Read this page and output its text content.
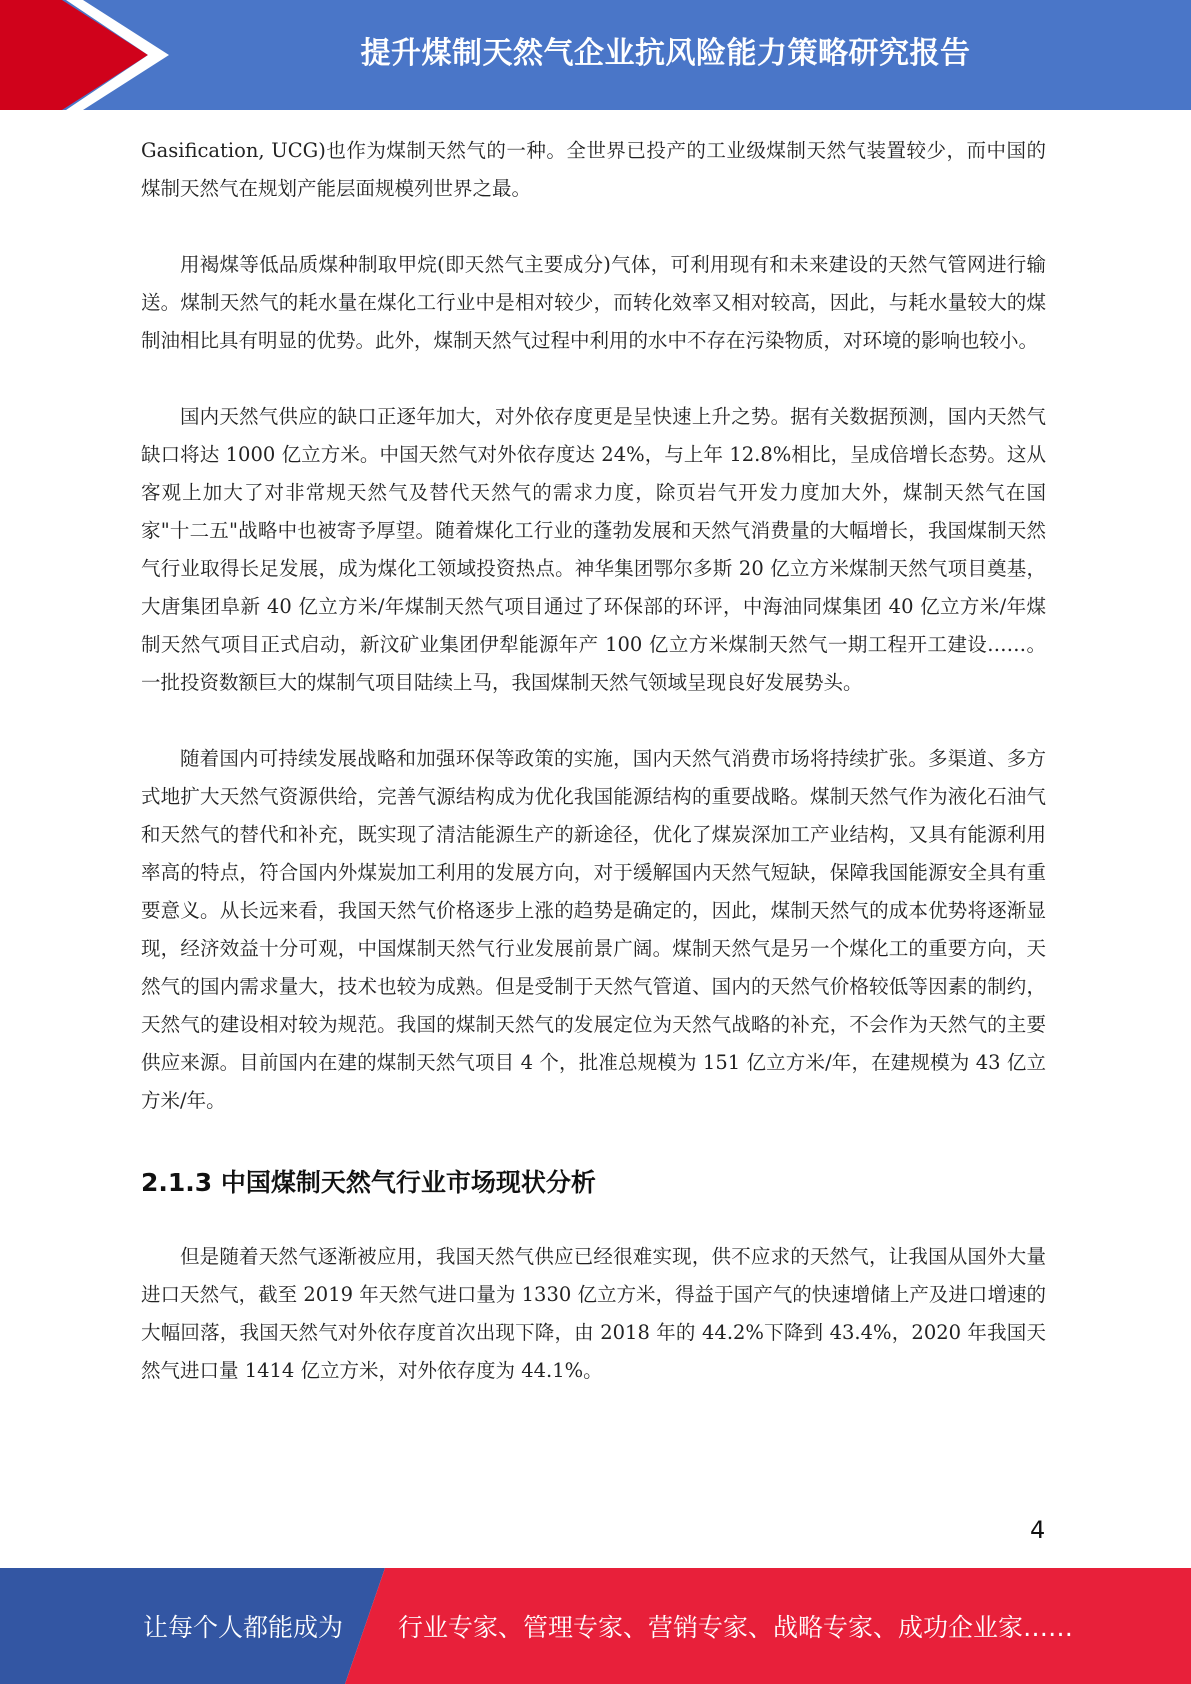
提升煤制天然气企业抗风险能力策略研究报告

Gasification, UCG)也作为煤制天然气的一种。全世界已投产的工业级煤制天然气装置较少，而中国的煤制天然气在规划产能层面规模列世界之最。

用褐煤等低品质煤种制取甲烷(即天然气主要成分)气体，可利用现有和未来建设的天然气管网进行输送。煤制天然气的耗水量在煤化工行业中是相对较少，而转化效率又相对较高，因此，与耗水量较大的煤制油相比具有明显的优势。此外，煤制天然气过程中利用的水中不存在污染物质，对环境的影响也较小。

国内天然气供应的缺口正逐年加大，对外依存度更是呈快速上升之势。据有关数据预测，国内天然气缺口将达 1000 亿立方米。中国天然气对外依存度达 24%，与上年 12.8%相比，呈成倍增长态势。这从客观上加大了对非常规天然气及替代天然气的需求力度，除页岩气开发力度加大外，煤制天然气在国家"十二五"战略中也被寄予厚望。随着煤化工行业的蓬勃发展和天然气消费量的大幅增长，我国煤制天然气行业取得长足发展，成为煤化工领域投资热点。神华集团鄂尔多斯 20 亿立方米煤制天然气项目奠基，大唐集团阜新 40 亿立方米/年煤制天然气项目通过了环保部的环评，中海油同煤集团 40 亿立方米/年煤制天然气项目正式启动，新汶矿业集团伊犁能源年产 100 亿立方米煤制天然气一期工程开工建设……。一批投资数额巨大的煤制气项目陆续上马，我国煤制天然气领域呈现良好发展势头。

随着国内可持续发展战略和加强环保等政策的实施，国内天然气消费市场将持续扩张。多渠道、多方式地扩大天然气资源供给，完善气源结构成为优化我国能源结构的重要战略。煤制天然气作为液化石油气和天然气的替代和补充，既实现了清洁能源生产的新途径，优化了煤炭深加工产业结构，又具有能源利用率高的特点，符合国内外煤炭加工利用的发展方向，对于缓解国内天然气短缺，保障我国能源安全具有重要意义。从长远来看，我国天然气价格逐步上涨的趋势是确定的，因此，煤制天然气的成本优势将逐渐显现，经济效益十分可观，中国煤制天然气行业发展前景广阔。煤制天然气是另一个煤化工的重要方向，天然气的国内需求量大，技术也较为成熟。但是受制于天然气管道、国内的天然气价格较低等因素的制约，天然气的建设相对较为规范。我国的煤制天然气的发展定位为天然气战略的补充，不会作为天然气的主要供应来源。目前国内在建的煤制天然气项目 4 个，批准总规模为 151 亿立方米/年，在建规模为 43 亿立方米/年。

2.1.3 中国煤制天然气行业市场现状分析

但是随着天然气逐渐被应用，我国天然气供应已经很难实现，供不应求的天然气，让我国从国外大量进口天然气，截至 2019 年天然气进口量为 1330 亿立方米，得益于国产气的快速增储上产及进口增速的大幅回落，我国天然气对外依存度首次出现下降，由 2018 年的 44.2%下降到 43.4%，2020 年我国天然气进口量 1414 亿立方米，对外依存度为 44.1%。

4
让每个人都能成为 行业专家、管理专家、营销专家、战略专家、成功企业家……
